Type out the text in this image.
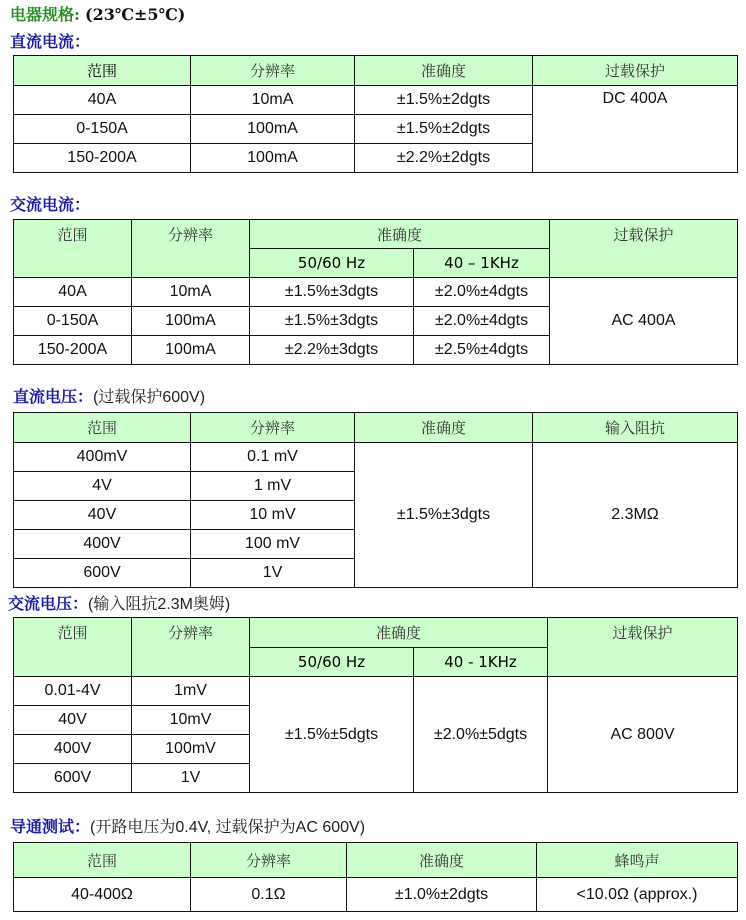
电器规格: (23℃±5℃)
直流电流：
范围	分辨率	准确度	过载保护
40A	10mA	±1.5%±2dgts	DC 400A
0-150A	100mA	±1.5%±2dgts	
150-200A	100mA	±2.2%±2dgts	
交流电流：
范围	分辨率	准确度		过载保护
		50/60 Hz	40 – 1KHz	
40A	10mA	±1.5%±3dgts	±2.0%±4dgts	AC 400A
0-150A	100mA	±1.5%±3dgts	±2.0%±4dgts	
150-200A	100mA	±2.2%±3dgts	±2.5%±4dgts	
直流电压：(过载保护600V)
范围	分辨率	准确度	输入阻抗
400mV	0.1 mV	±1.5%±3dgts	2.3MΩ
4V	1 mV		
40V	10 mV		
400V	100 mV		
600V	1V		
交流电压：(输入阻抗2.3M奥姆)
范围	分辨率	准确度		过载保护
		50/60 Hz	40 - 1KHz	
0.01-4V	1mV	±1.5%±5dgts	±2.0%±5dgts	AC 800V
40V	10mV			
400V	100mV			
600V	1V			
导通测试：(开路电压为0.4V, 过载保护为AC 600V)
范围	分辨率	准确度	蜂鸣声
40-400Ω	0.1Ω	±1.0%±2dgts	<10.0Ω (approx.)
